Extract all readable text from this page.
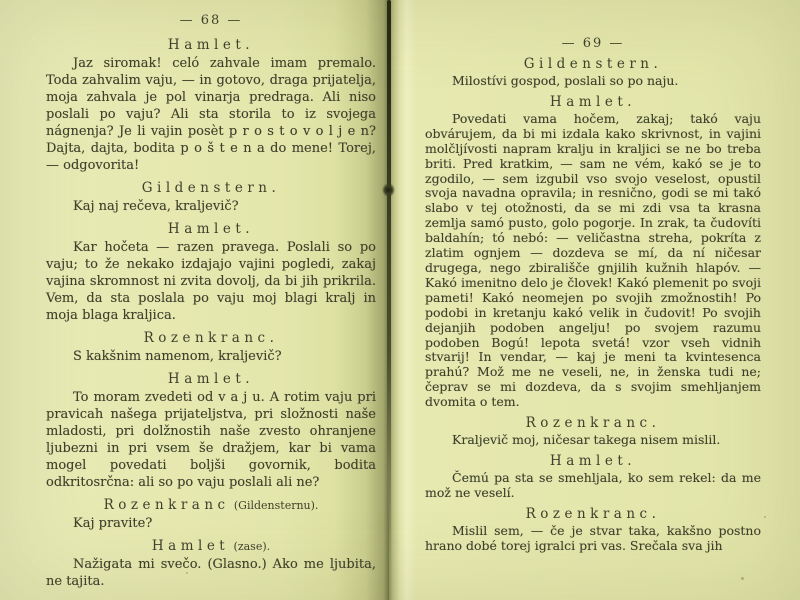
— 68 —
Hamlet.

Jaz siromak! celó zahvale imam premalo. Toda zahvalim vaju, — in gotovo, draga prijatelja, moja zahvala je pol vinarja predraga. Ali niso poslali po vaju? Ali sta storila to iz svojega nágnenja? Je li vajin posèt p r o s t o v o l j e n? Dajta, dajta, bodita p o š t e n a do mene! Torej, — odgovorita!

Gildenstern.

Kaj naj rečeva, kraljevič?

Hamlet.

Kar hočeta — razen pravega. Poslali so po vaju; to že nekako izdajajo vajini pogledi, zakaj vajina skromnost ni zvita dovolj, da bi jih prikrila. Vem, da sta poslala po vaju moj blagi kralj in moja blaga kraljica.

Rozenkranc.

S kakšnim namenom, kraljevič?

Hamlet.

To moram zvedeti od v a j u. A rotim vaju pri pravicah našega prijateljstva, pri složnosti naše mladosti, pri dolžnostih naše zvesto ohranjene ljubezni in pri vsem še dražjem, kar bi vama mogel povedati boljši govornik, bodita odkritosrčna: ali so po vaju poslali ali ne?

Rozenkranc (Gildensternu).

Kaj pravite?

Hamlet (zase).

Nažigata mi svečo. (Glasno.) Ako me ljubita, ne tajita.

— 69 —
Gildenstern.

Milostívi gospod, poslali so po naju.

Hamlet.

Povedati vama hočem, zakaj; takó vaju obvárujem, da bi mi izdala kako skrivnost, in vajini molčljívosti napram kralju in kraljici se ne bo treba briti. Pred kratkim, — sam ne vém, kakó se je to zgodilo, — sem izgubil vso svojo veselost, opustil svoja navadna opravila; in resnično, godi se mi takó slabo v tej otožnosti, da se mi zdi vsa ta krasna zemlja samó pusto, golo pogorje. In zrak, ta čudovíti baldahín; tó nebó: — veličastna streha, pokríta z zlatim ognjem — dozdeva se mí, da ní ničesar drugega, nego zbirališče gnjilih kužnih hlapóv. — Kakó imenitno delo je človek! Kakó plemenit po svoji pameti! Kakó neomejen po svojih zmožnostih! Po podobi in kretanju kakó velik in čudovit! Po svojih dejanjih podoben angelju! po svojem razumu podoben Bogú! lepota svetá! vzor vseh vidnih stvarij! In vendar, — kaj je meni ta kvintesenca prahú? Mož me ne veseli, ne, in ženska tudi ne; čeprav se mi dozdeva, da s svojim smehljanjem dvomita o tem.

Rozenkranc.

Kraljevič moj, ničesar takega nisem mislil.

Hamlet.

Čemú pa sta se smehljala, ko sem rekel: da me mož ne veselí.

Rozenkranc.

Mislil sem, — če je stvar taka, kakšno postno hrano dobé torej igralci pri vas. Srečala sva jih
